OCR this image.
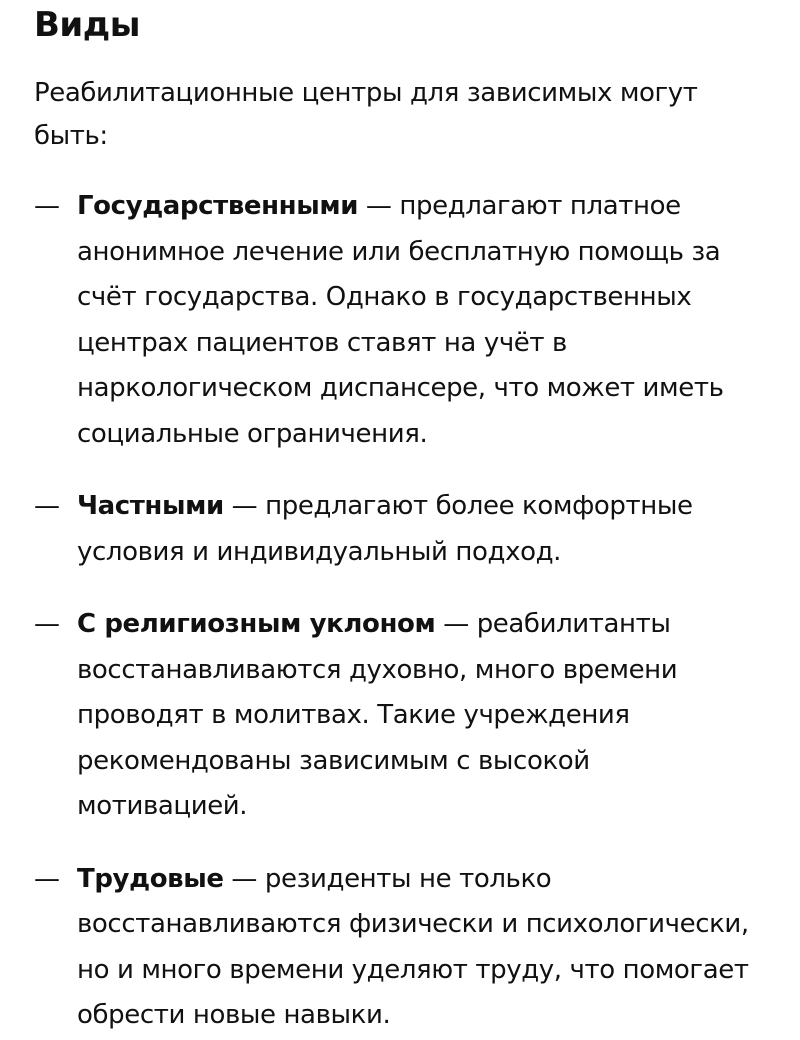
Виды

Реабилитационные центры для зависимых могут быть:

— Государственными — предлагают платное анонимное лечение или бесплатную помощь за счёт государства. Однако в государственных центрах пациентов ставят на учёт в наркологическом диспансере, что может иметь социальные ограничения.
— Частными — предлагают более комфортные условия и индивидуальный подход.
— С религиозным уклоном — реабилитанты восстанавливаются духовно, много времени проводят в молитвах. Такие учреждения рекомендованы зависимым с высокой мотивацией.
— Трудовые — резиденты не только восстанавливаются физически и психологически, но и много времени уделяют труду, что помогает обрести новые навыки.
